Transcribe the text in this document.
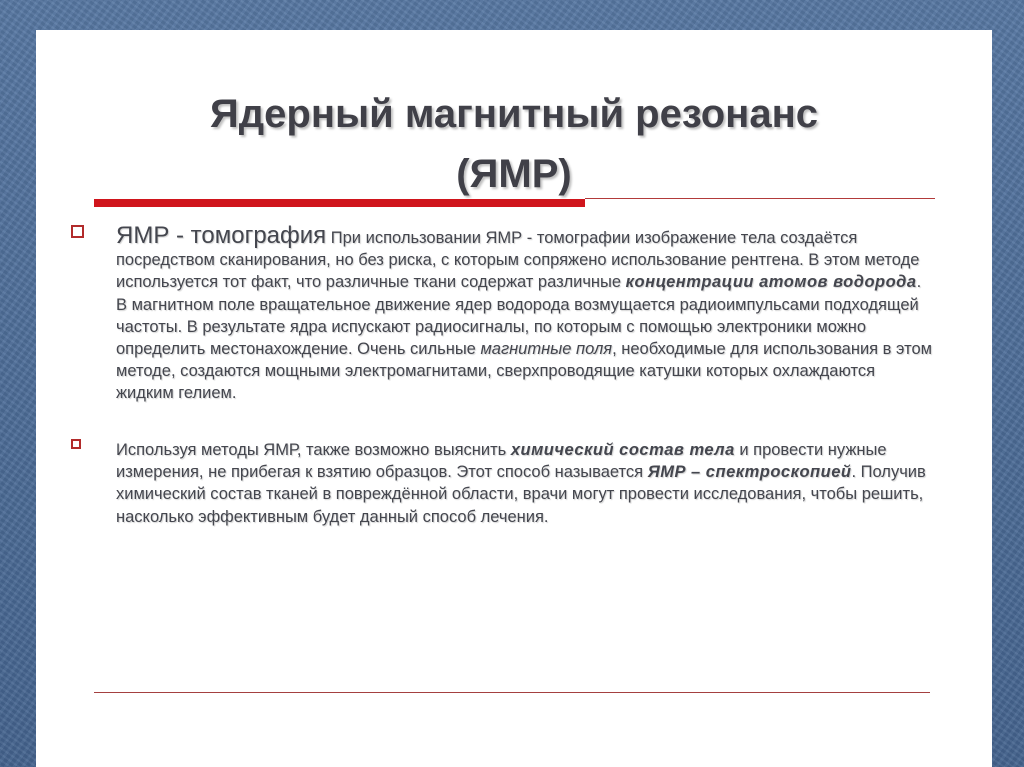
Ядерный магнитный резонанс
(ЯМР)
ЯМР - томография При использовании ЯМР - томографии изображение тела создаётся посредством сканирования, но без риска, с которым сопряжено использование рентгена. В этом методе используется тот факт, что различные ткани содержат различные концентрации атомов водорода. В магнитном поле вращательное движение ядер водорода возмущается радиоимпульсами подходящей частоты. В результате ядра испускают радиосигналы, по которым с помощью электроники можно определить местонахождение. Очень сильные магнитные поля, необходимые для использования в этом методе, создаются мощными электромагнитами, сверхпроводящие катушки которых охлаждаются жидким гелием.
Используя методы ЯМР, также возможно выяснить химический состав тела и провести нужные измерения, не прибегая к взятию образцов. Этот способ называется ЯМР – спектроскопией. Получив химический состав тканей в повреждённой области, врачи могут провести исследования, чтобы решить, насколько эффективным будет данный способ лечения.
